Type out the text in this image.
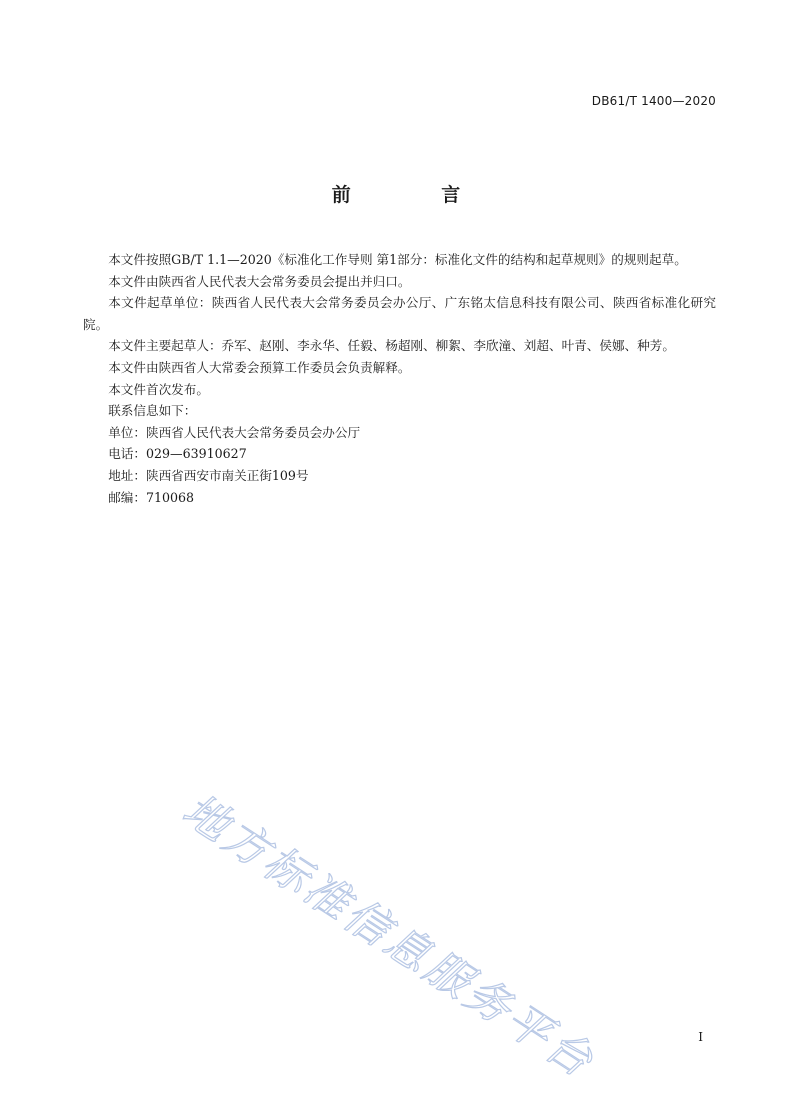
DB61/T 1400—2020
前 言

本文件按照GB/T 1.1—2020《标准化工作导则 第1部分：标准化文件的结构和起草规则》的规则起草。

本文件由陕西省人民代表大会常务委员会提出并归口。

本文件起草单位：陕西省人民代表大会常务委员会办公厅、广东铭太信息科技有限公司、陕西省标准化研究院。

本文件主要起草人：乔军、赵刚、李永华、任毅、杨超刚、柳絮、李欣潼、刘超、叶青、侯娜、种芳。

本文件由陕西省人大常委会预算工作委员会负责解释。

本文件首次发布。

联系信息如下：

单位：陕西省人民代表大会常务委员会办公厅

电话：029—63910627

地址：陕西省西安市南关正街109号

邮编：710068

地方标准信息服务平台	I
